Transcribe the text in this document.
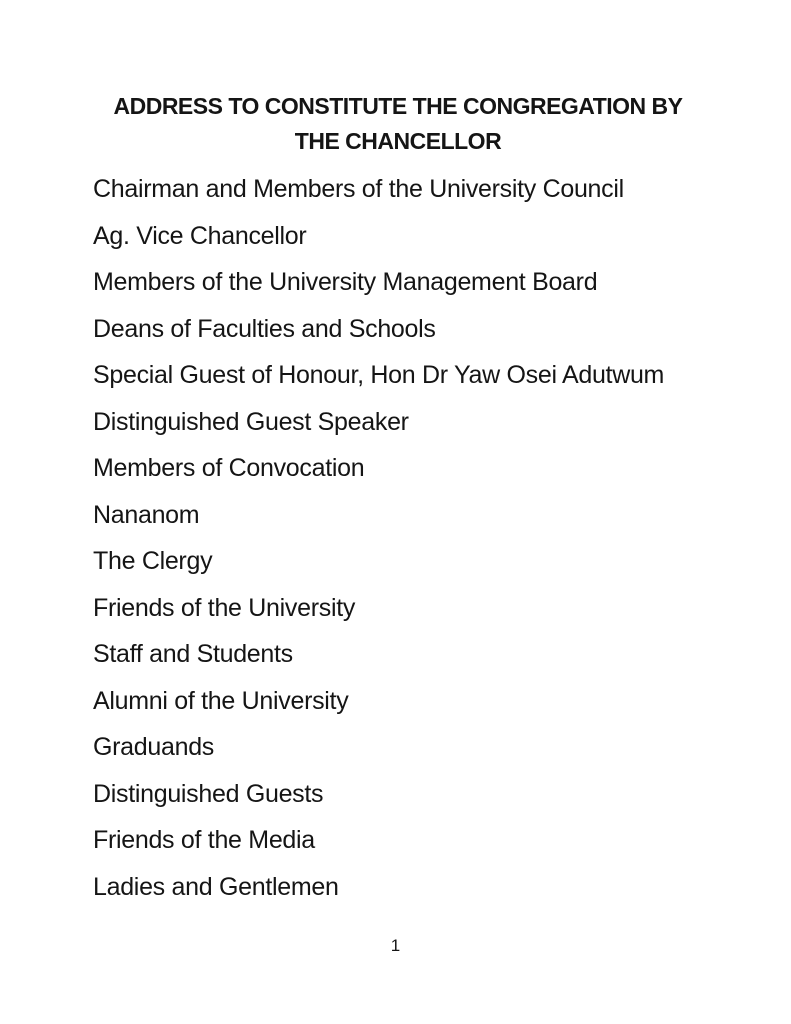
ADDRESS TO CONSTITUTE THE CONGREGATION BY
THE CHANCELLOR
Chairman and Members of the University Council
Ag. Vice Chancellor
Members of the University Management Board
Deans of Faculties and Schools
Special Guest of Honour, Hon Dr Yaw Osei Adutwum
Distinguished Guest Speaker
Members of Convocation
Nananom
The Clergy
Friends of the University
Staff and Students
Alumni of the University
Graduands
Distinguished Guests
Friends of the Media
Ladies and Gentlemen
1
